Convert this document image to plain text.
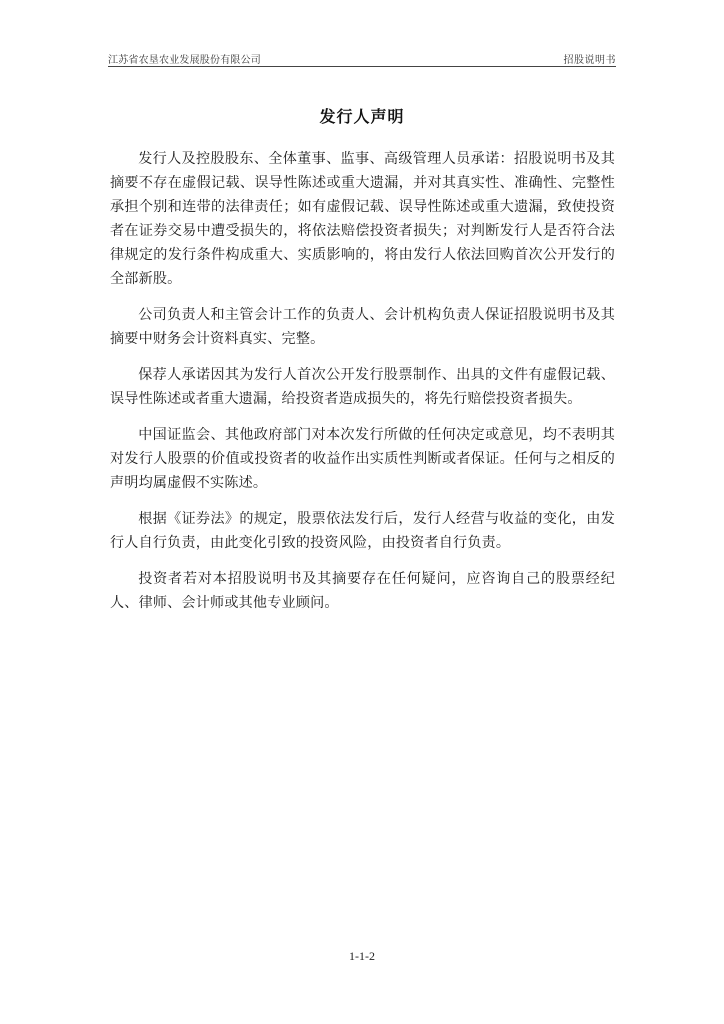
江苏省农垦农业发展股份有限公司	招股说明书
发行人声明

发行人及控股股东、全体董事、监事、高级管理人员承诺：招股说明书及其摘要不存在虚假记载、误导性陈述或重大遗漏，并对其真实性、准确性、完整性承担个别和连带的法律责任；如有虚假记载、误导性陈述或重大遗漏，致使投资者在证券交易中遭受损失的，将依法赔偿投资者损失；对判断发行人是否符合法律规定的发行条件构成重大、实质影响的，将由发行人依法回购首次公开发行的全部新股。

公司负责人和主管会计工作的负责人、会计机构负责人保证招股说明书及其摘要中财务会计资料真实、完整。

保荐人承诺因其为发行人首次公开发行股票制作、出具的文件有虚假记载、误导性陈述或者重大遗漏，给投资者造成损失的，将先行赔偿投资者损失。

中国证监会、其他政府部门对本次发行所做的任何决定或意见，均不表明其对发行人股票的价值或投资者的收益作出实质性判断或者保证。任何与之相反的声明均属虚假不实陈述。

根据《证券法》的规定，股票依法发行后，发行人经营与收益的变化，由发行人自行负责，由此变化引致的投资风险，由投资者自行负责。

投资者若对本招股说明书及其摘要存在任何疑问，应咨询自己的股票经纪人、律师、会计师或其他专业顾问。

1-1-2
